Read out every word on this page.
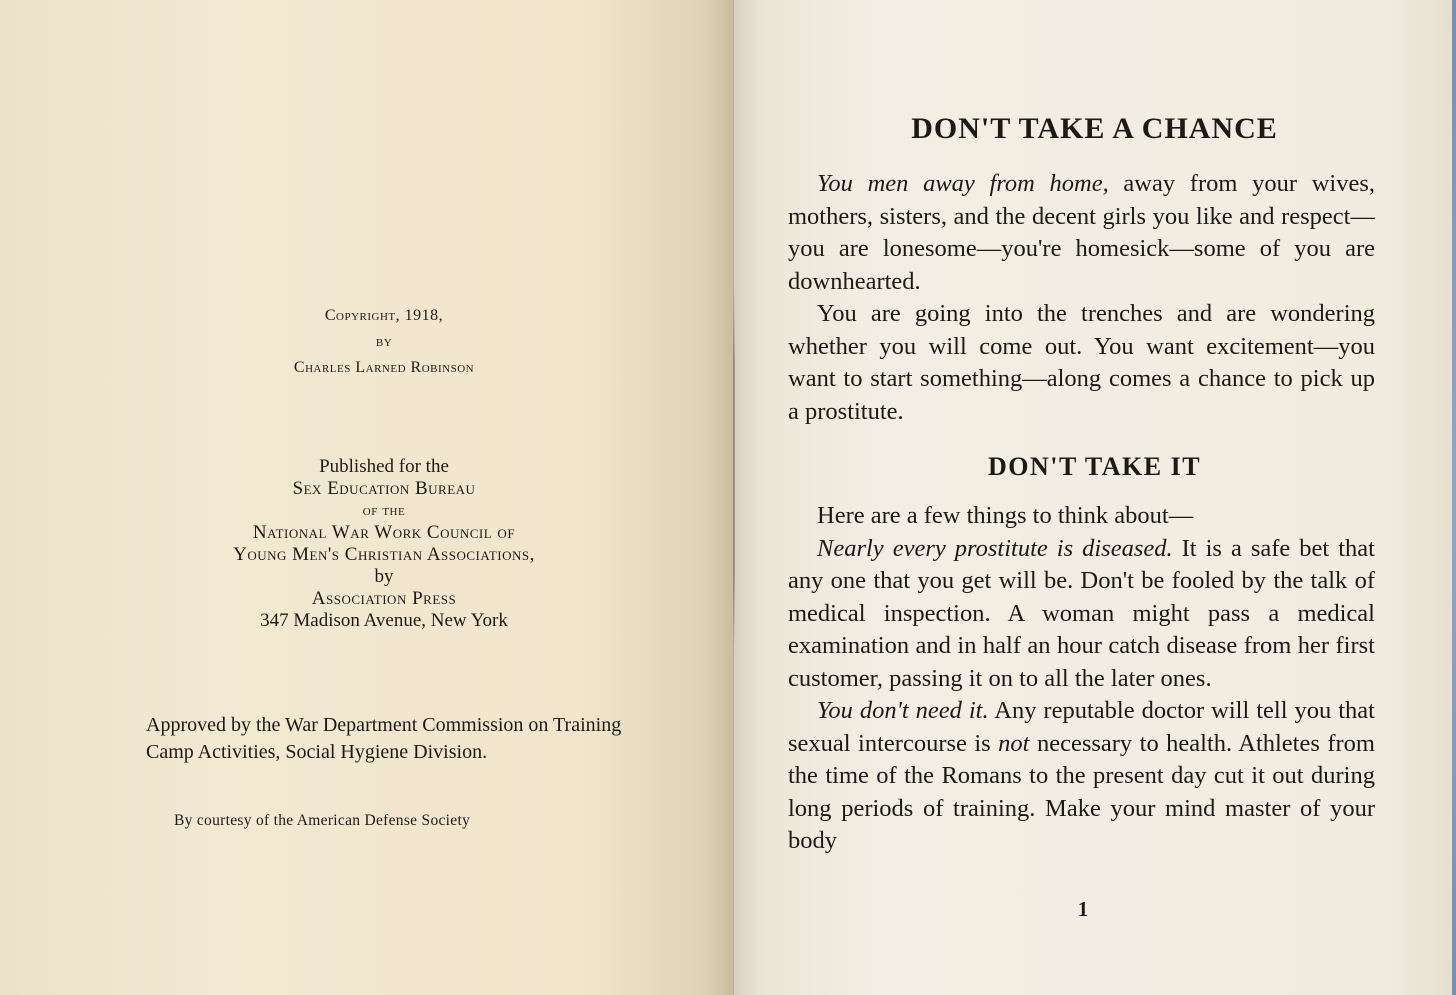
Copyright, 1918,
by
Charles Larned Robinson
Published for the
Sex Education Bureau
of the
National War Work Council of
Young Men's Christian Associations,
by
Association Press
347 Madison Avenue, New York
Approved by the War Department Commission on Training Camp Activities, Social Hygiene Division.
By courtesy of the American Defense Society
DON'T TAKE A CHANCE

You men away from home, away from your wives, mothers, sisters, and the decent girls you like and respect—you are lonesome—you're homesick—some of you are downhearted.

You are going into the trenches and are wondering whether you will come out. You want excitement—you want to start something—along comes a chance to pick up a prostitute.

DON'T TAKE IT

Here are a few things to think about—

Nearly every prostitute is diseased. It is a safe bet that any one that you get will be. Don't be fooled by the talk of medical inspection. A woman might pass a medical examination and in half an hour catch disease from her first customer, passing it on to all the later ones.

You don't need it. Any reputable doctor will tell you that sexual intercourse is not necessary to health. Athletes from the time of the Romans to the present day cut it out during long periods of training. Make your mind master of your body

1
